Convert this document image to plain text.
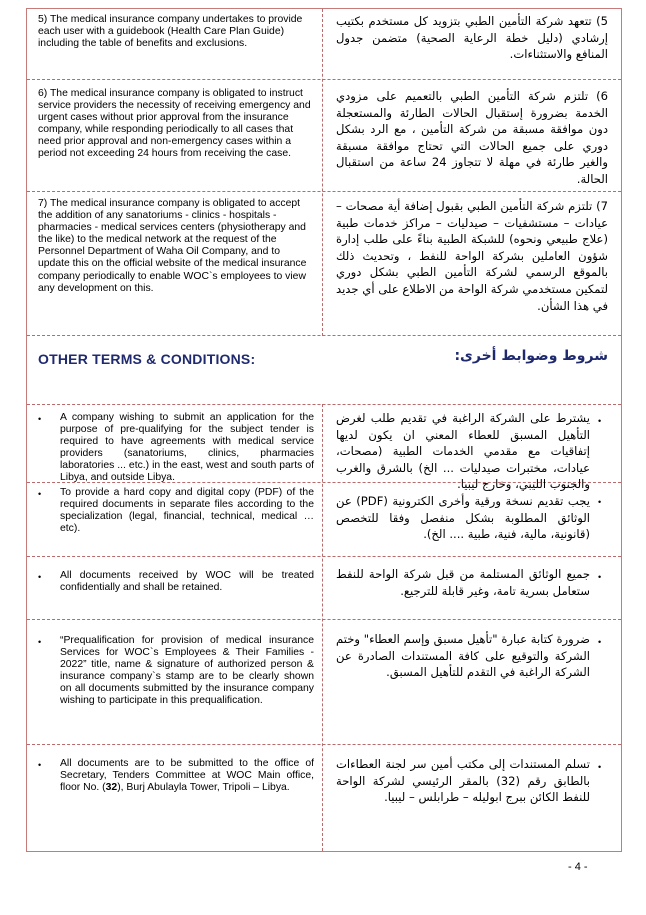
5) The medical insurance company undertakes to provide each user with a guidebook (Health Care Plan Guide) including the table of benefits and exclusions.
5) تتعهد شركة التأمين الطبي بتزويد كل مستخدم بكتيب إرشادي (دليل خطة الرعاية الصحية) متضمن جدول المنافع والاستثناءات.
6) The medical insurance company is obligated to instruct service providers the necessity of receiving emergency and urgent cases without prior approval from the insurance company, while responding periodically to all cases that need prior approval and non-emergency cases within a period not exceeding 24 hours from receiving the case.
6) تلتزم شركة التأمين الطبي بالتعميم على مزودي الخدمة بضرورة إستقبال الحالات الطارئة والمستعجلة دون موافقة مسبقة من شركة التأمين ، مع الرد بشكل دوري على جميع الحالات التي تحتاج موافقة مسبقة والغير طارئة في مهلة لا تتجاوز 24 ساعة من استقبال الحالة.
7) The medical insurance company is obligated to accept the addition of any sanatoriums - clinics - hospitals - pharmacies - medical services centers (physiotherapy and the like) to the medical network at the request of the Personnel Department of Waha Oil Company, and to update this on the official website of the medical insurance company periodically to enable WOC`s employees to view any development on this.
7) تلتزم شركة التأمين الطبي بقبول إضافة أية مصحات – عيادات – مستشفيات – صيدليات – مراكز خدمات طبية (علاج طبيعي ونحوه) للشبكة الطبية بناءً على طلب إدارة شؤون العاملين بشركة الواحة للنفط ، وتحديث ذلك بالموقع الرسمي لشركة التأمين الطبي بشكل دوري لتمكين مستخدمي شركة الواحة من الاطلاع على أي جديد في هذا الشأن.
OTHER TERMS & CONDITIONS:	شروط وضوابط أخرى:
• A company wishing to submit an application for the purpose of pre-qualifying for the subject tender is required to have agreements with medical service providers (sanatoriums, clinics, pharmacies laboratories ... etc.) in the east, west and south parts of Libya, and outside Libya.
•
يشترط على الشركة الراغبة في تقديم طلب لغرض التأهيل المسبق للعطاء المعني ان يكون لديها إتفاقيات مع مقدمي الخدمات الطبية (مصحات، عيادات، مختبرات صيدليات ... الخ) بالشرق والغرب والجنوب الليبي، وخارج ليبيا.
• To provide a hard copy and digital copy (PDF) of the required documents in separate files according to the specialization (legal, financial, technical, medical …etc).
•
يجب تقديم نسخة ورقية وأخرى الكترونية (PDF) عن الوثائق المطلوبة بشكل منفصل وفقا للتخصص (قانونية، مالية، فنية، طبية .... الخ).
• All documents received by WOC will be treated confidentially and shall be retained.
•
جميع الوثائق المستلمة من قبل شركة الواحة للنفط ستعامل بسرية تامة، وغير قابلة للترجيع.
• “Prequalification for provision of medical insurance Services for WOC`s Employees & Their Families - 2022” title, name & signature of authorized person & insurance company`s stamp are to be clearly shown on all documents submitted by the insurance company wishing to participate in this prequalification.
•
ضرورة كتابة عبارة "تأهيل مسبق وإسم العطاء" وختم الشركة والتوقيع على كافة المستندات الصادرة عن الشركة الراغبة في التقدم للتأهيل المسبق.
• All documents are to be submitted to the office of Secretary, Tenders Committee at WOC Main office, floor No. (32), Burj Abulayla Tower, Tripoli – Libya.
•
تسلم المستندات إلى مكتب أمين سر لجنة العطاءات بالطابق رقم (32) بالمقر الرئيسي لشركة الواحة للنفط الكائن ببرج ابوليله – طرابلس – ليبيا.
- 4 -
